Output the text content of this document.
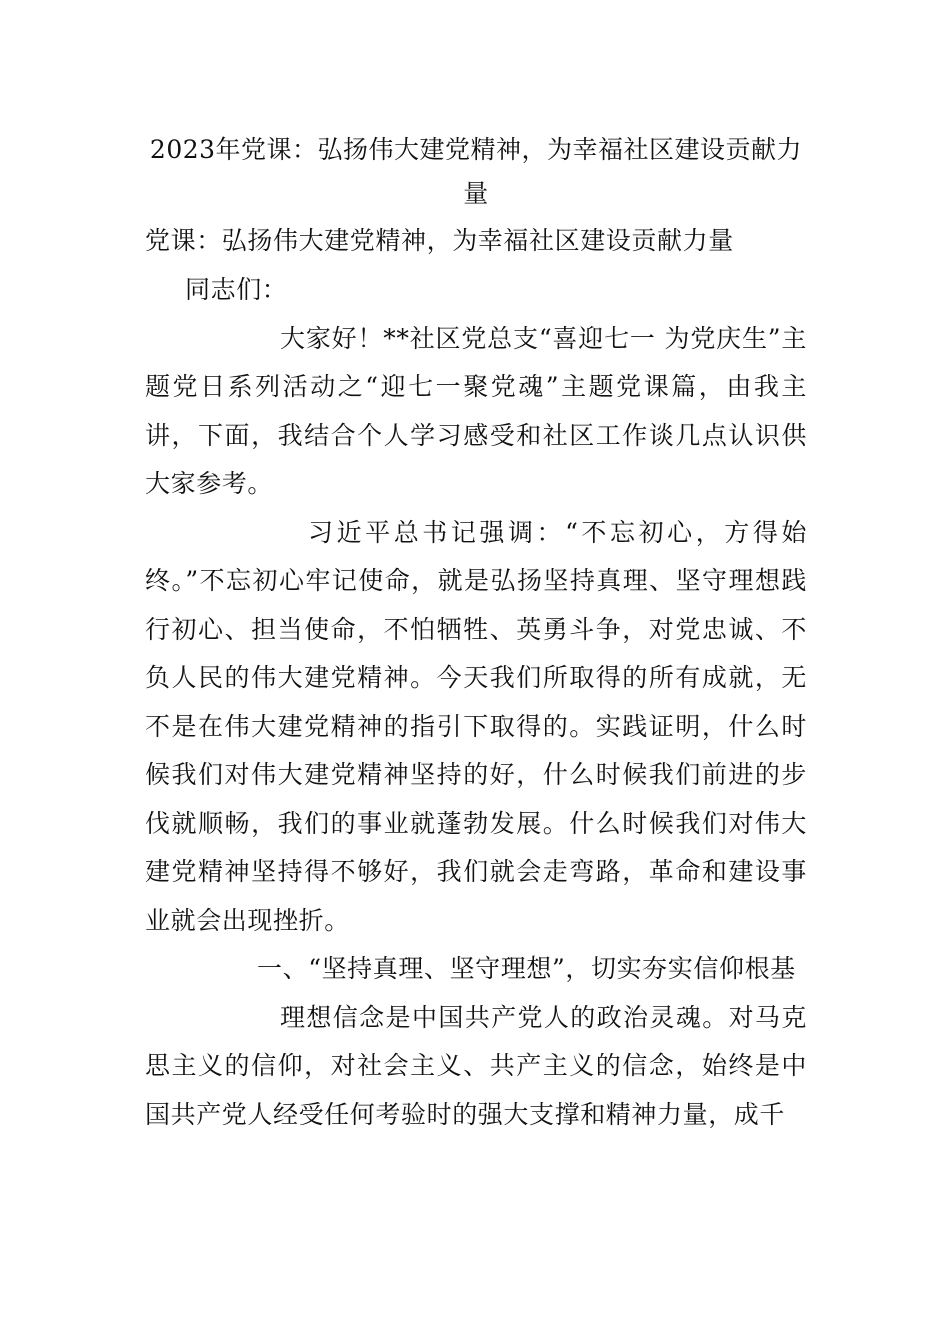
2023年党课：弘扬伟大建党精神，为幸福社区建设贡献力量

党课：弘扬伟大建党精神，为幸福社区建设贡献力量

同志们：

大家好！**社区党总支“喜迎七一 为党庆生”主题党日系列活动之“迎七一聚党魂”主题党课篇，由我主讲，下面，我结合个人学习感受和社区工作谈几点认识供大家参考。

习近平总书记强调：“不忘初心，方得始终。”不忘初心牢记使命，就是弘扬坚持真理、坚守理想践行初心、担当使命，不怕牺牲、英勇斗争，对党忠诚、不负人民的伟大建党精神。今天我们所取得的所有成就，无不是在伟大建党精神的指引下取得的。实践证明，什么时候我们对伟大建党精神坚持的好，什么时候我们前进的步伐就顺畅，我们的事业就蓬勃发展。什么时候我们对伟大建党精神坚持得不够好，我们就会走弯路，革命和建设事业就会出现挫折。

一、“坚持真理、坚守理想”，切实夯实信仰根基

理想信念是中国共产党人的政治灵魂。对马克思主义的信仰，对社会主义、共产主义的信念，始终是中国共产党人经受任何考验时的强大支撑和精神力量，成千
